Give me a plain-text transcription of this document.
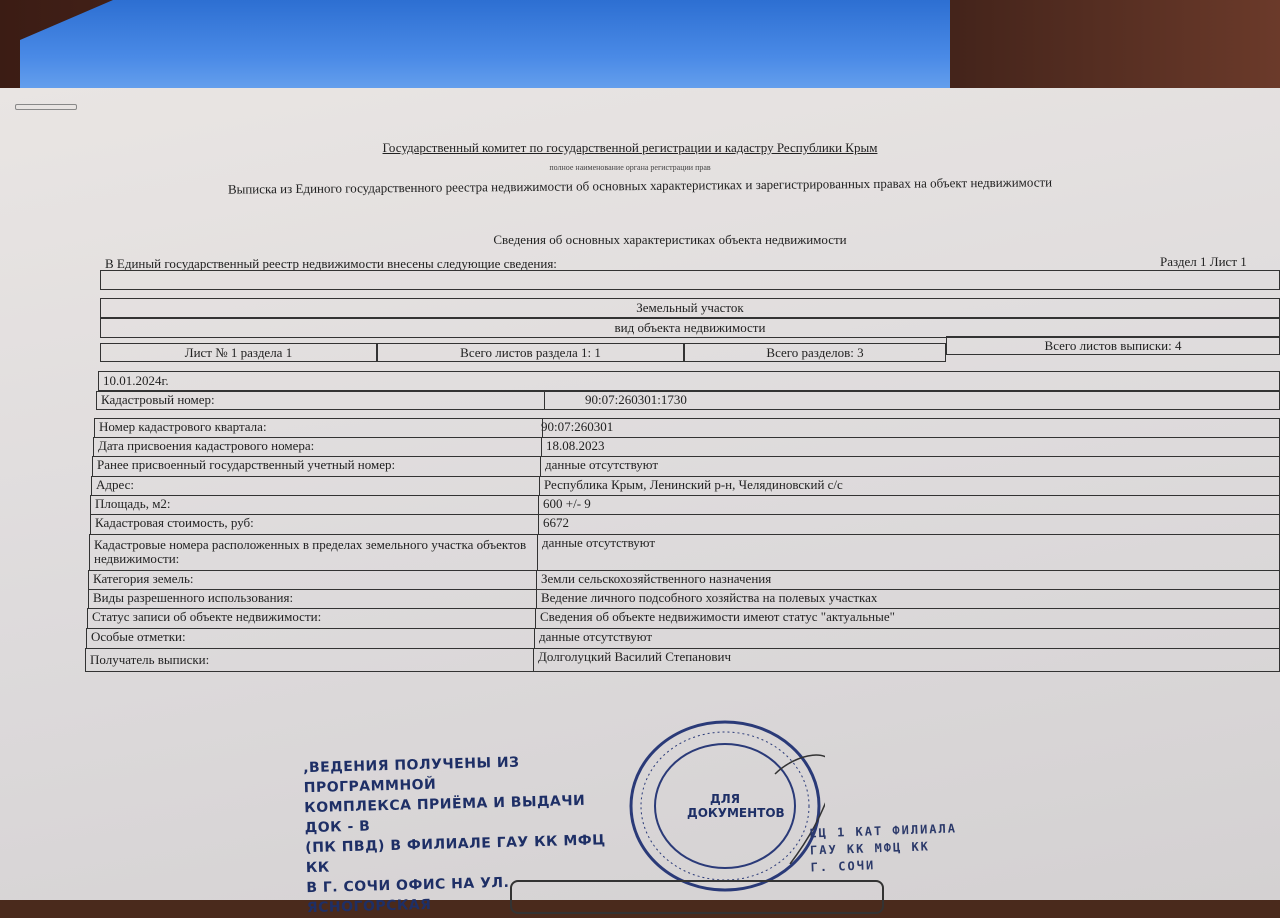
Государственный комитет по государственной регистрации и кадастру Республики Крым
полное наименование органа регистрации прав
Выписка из Единого государственного реестра недвижимости об основных характеристиках и зарегистрированных правах на объект недвижимости
Сведения об основных характеристиках объекта недвижимости
В Единый государственный реестр недвижимости внесены следующие сведения:	Раздел 1 Лист 1
Земельный участок
вид объекта недвижимости
Лист № 1 раздела 1	Всего листов раздела 1: 1	Всего разделов: 3	Всего листов выписки: 4
10.01.2024г.
Кадастровый номер:	90:07:260301:1730
Номер кадастрового квартала:	90:07:260301
Дата присвоения кадастрового номера:	18.08.2023
Ранее присвоенный государственный учетный номер:	данные отсутствуют
Адрес:	Республика Крым, Ленинский р-н, Челядиновский с/с
Площадь, м2:	600 +/- 9
Кадастровая стоимость, руб:	6672
Кадастровые номера расположенных в пределах земельного участка объектов недвижимости:
данные отсутствуют
Категория земель:	Земли сельскохозяйственного назначения
Виды разрешенного использования:	Ведение личного подсобного хозяйства на полевых участках
Статус записи об объекте недвижимости:	Сведения об объекте недвижимости имеют статус "актуальные"
Особые отметки:	данные отсутствуют
Получатель выписки:	Долголуцкий Василий Степанович
,ВЕДЕНИЯ ПОЛУЧЕНЫ ИЗ ПРОГРАММНОЙ
КОМПЛЕКСА ПРИЁМА И ВЫДАЧИ ДОК - В
(ПК ПВД) В ФИЛИАЛЕ ГАУ КК МФЦ КК
В Г. СОЧИ ОФИС НА УЛ. ЯСНОГОРСКАЯ
ДЛЯ ДОКУМЕНТОВ
ЕЦ 1 КАТ ФИЛИАЛА
ГАУ КК МФЦ КК
Г. СОЧИ
